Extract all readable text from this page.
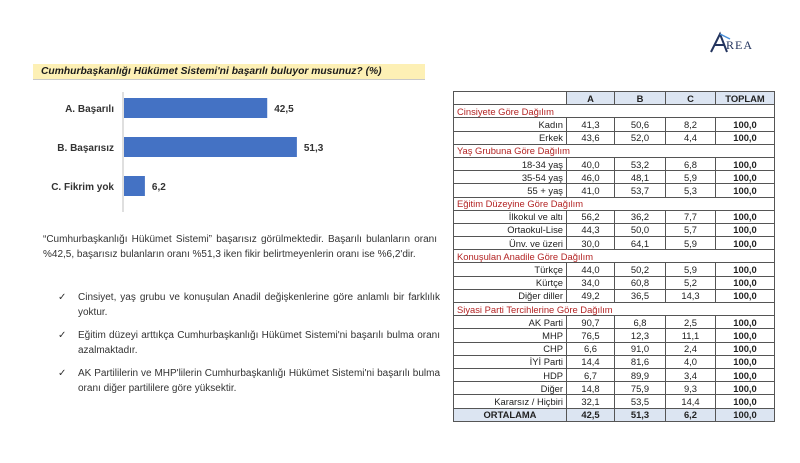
REA
Cumhurbaşkanlığı Hükümet Sistemi'ni başarılı buluyor musunuz? (%)
A. Başarılı	42,5
B. Başarısız	51,3
C. Fikrim yok	6,2

“Cumhurbaşkanlığı Hükümet Sistemi” başarısız görülmektedir. Başarılı bulanların oranı %42,5, başarısız bulanların oranı %51,3 iken fikir belirtmeyenlerin oranı ise %6,2'dir.

✓ Cinsiyet, yaş grubu ve konuşulan Anadil değişkenlerine göre anlamlı bir farklılık yoktur.
✓ Eğitim düzeyi arttıkça Cumhurbaşkanlığı Hükümet Sistemi'ni başarılı bulma oranı azalmaktadır.
✓ AK Partililerin ve MHP'lilerin Cumhurbaşkanlığı Hükümet Sistemi'ni başarılı bulma oranı diğer partililere göre yüksektir.
	A	B	C	TOPLAM
Cinsiyete Göre Dağılım				
Kadın	41,3	50,6	8,2	100,0
Erkek	43,6	52,0	4,4	100,0
Yaş Grubuna Göre Dağılım				
18-34 yaş	40,0	53,2	6,8	100,0
35-54 yaş	46,0	48,1	5,9	100,0
55 + yaş	41,0	53,7	5,3	100,0
Eğitim Düzeyine Göre Dağılım				
İlkokul ve altı	56,2	36,2	7,7	100,0
Ortaokul-Lise	44,3	50,0	5,7	100,0
Ünv. ve üzeri	30,0	64,1	5,9	100,0
Konuşulan Anadile Göre Dağılım				
Türkçe	44,0	50,2	5,9	100,0
Kürtçe	34,0	60,8	5,2	100,0
Diğer diller	49,2	36,5	14,3	100,0
Siyasi Parti Tercihlerine Göre Dağılım				
AK Parti	90,7	6,8	2,5	100,0
MHP	76,5	12,3	11,1	100,0
CHP	6,6	91,0	2,4	100,0
İYİ Parti	14,4	81,6	4,0	100,0
HDP	6,7	89,9	3,4	100,0
Diğer	14,8	75,9	9,3	100,0
Kararsız / Hiçbiri	32,1	53,5	14,4	100,0
ORTALAMA	42,5	51,3	6,2	100,0
